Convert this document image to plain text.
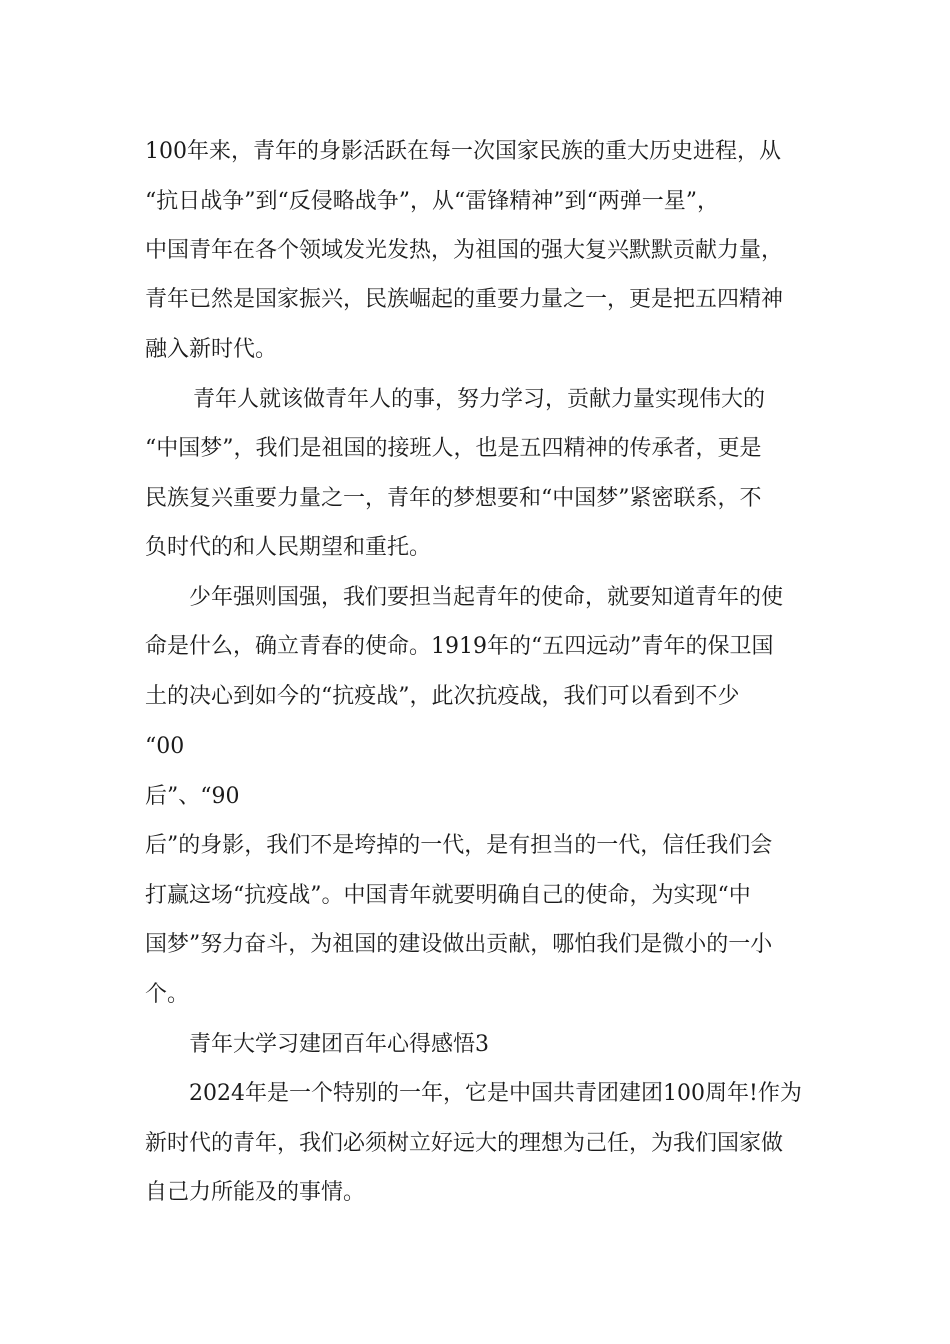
100年来，青年的身影活跃在每一次国家民族的重大历史进程，从
“抗日战争”到“反侵略战争”，从“雷锋精神”到“两弹一星”，
中国青年在各个领域发光发热，为祖国的强大复兴默默贡献力量，
青年已然是国家振兴，民族崛起的重要力量之一，更是把五四精神
融入新时代。
青年人就该做青年人的事，努力学习，贡献力量实现伟大的
“中国梦”，我们是祖国的接班人，也是五四精神的传承者，更是
民族复兴重要力量之一，青年的梦想要和“中国梦”紧密联系，不
负时代的和人民期望和重托。
少年强则国强，我们要担当起青年的使命，就要知道青年的使
命是什么，确立青春的使命。1919年的“五四远动”青年的保卫国
土的决心到如今的“抗疫战”，此次抗疫战，我们可以看到不少
“00
后”、“90
后”的身影，我们不是垮掉的一代，是有担当的一代，信任我们会
打赢这场“抗疫战”。中国青年就要明确自己的使命，为实现“中
国梦”努力奋斗，为祖国的建设做出贡献，哪怕我们是微小的一小
个。
青年大学习建团百年心得感悟3
2024年是一个特别的一年，它是中国共青团建团100周年!作为
新时代的青年，我们必须树立好远大的理想为己任，为我们国家做
自己力所能及的事情。
